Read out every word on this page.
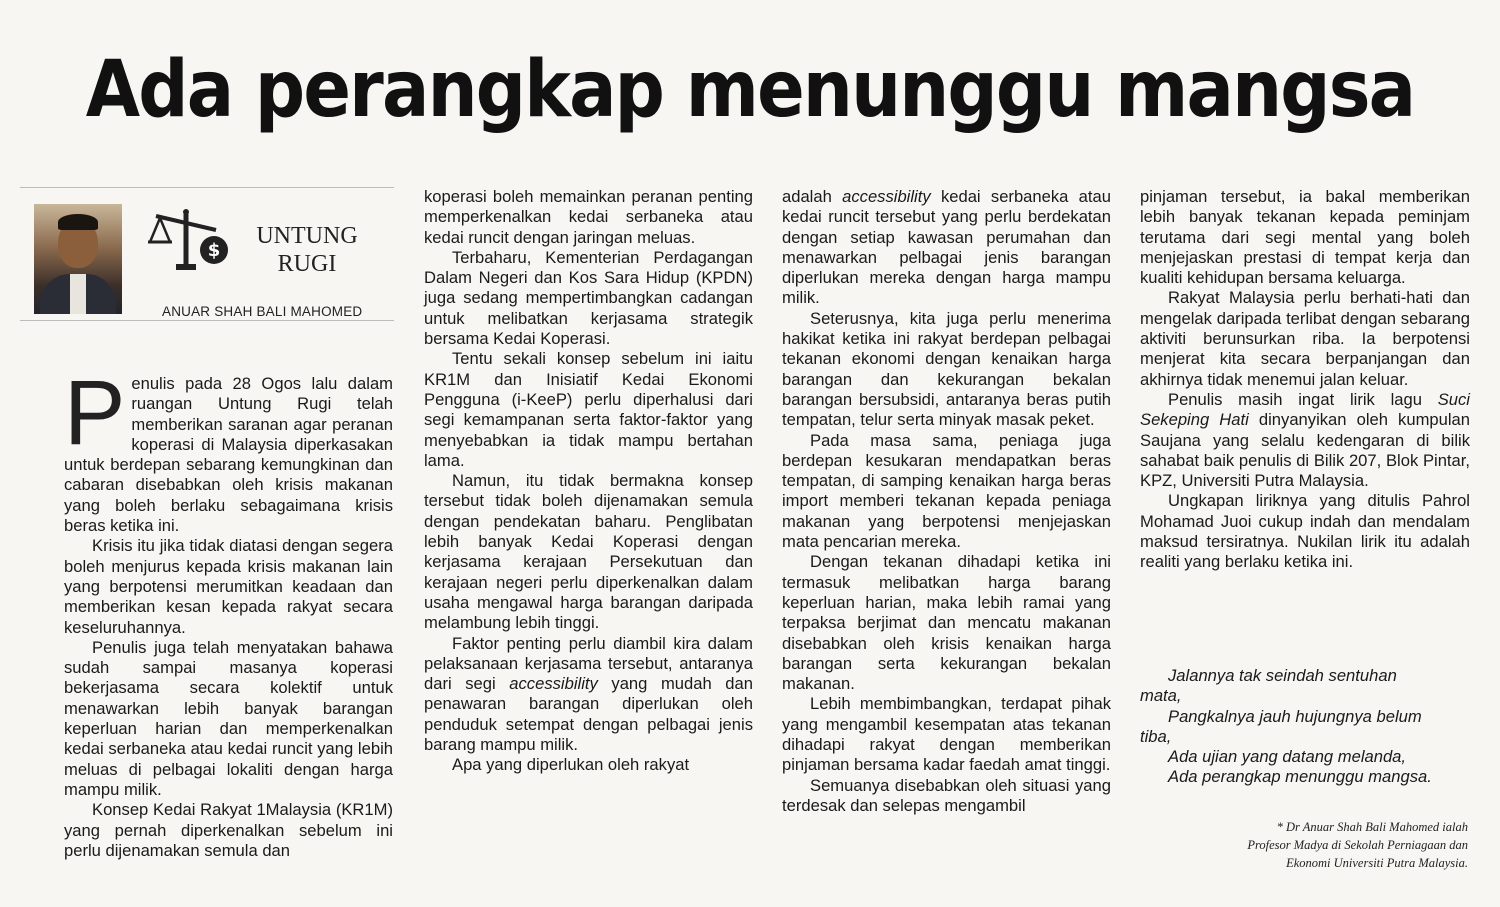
Ada perangkap menunggu mangsa
$
UNTUNG
RUGI
ANUAR SHAH BALI MAHOMED

Penulis pada 28 Ogos lalu dalam ruangan Untung Rugi telah memberikan saranan agar peranan koperasi di Malaysia diperkasakan untuk berdepan sebarang kemungkinan dan cabaran disebabkan oleh krisis makanan yang boleh berlaku sebagaimana krisis beras ketika ini.

Krisis itu jika tidak diatasi dengan segera boleh menjurus kepada krisis makanan lain yang berpotensi merumitkan keadaan dan memberikan kesan kepada rakyat secara keseluruhannya.

Penulis juga telah menyatakan bahawa sudah sampai masanya koperasi bekerjasama secara kolektif untuk menawarkan lebih banyak barangan keperluan harian dan memperkenalkan kedai serbaneka atau kedai runcit yang lebih meluas di pelbagai lokaliti dengan harga mampu milik.

Konsep Kedai Rakyat 1Malaysia (KR1M) yang pernah diperkenalkan sebelum ini perlu dijenamakan semula dan

koperasi boleh memainkan peranan penting memperkenalkan kedai serbaneka atau kedai runcit dengan jaringan meluas.

Terbaharu, Kementerian Perdagangan Dalam Negeri dan Kos Sara Hidup (KPDN) juga sedang mempertimbangkan cadangan untuk melibatkan kerjasama strategik bersama Kedai Koperasi.

Tentu sekali konsep sebelum ini iaitu KR1M dan Inisiatif Kedai Ekonomi Pengguna (i-KeeP) perlu diperhalusi dari segi kemampanan serta faktor-faktor yang menyebabkan ia tidak mampu bertahan lama.

Namun, itu tidak bermakna konsep tersebut tidak boleh dijenamakan semula dengan pendekatan baharu. Penglibatan lebih banyak Kedai Koperasi dengan kerjasama kerajaan Persekutuan dan kerajaan negeri perlu diperkenalkan dalam usaha mengawal harga barangan daripada melambung lebih tinggi.

Faktor penting perlu diambil kira dalam pelaksanaan kerjasama tersebut, antaranya dari segi accessibility yang mudah dan penawaran barangan diperlukan oleh penduduk setempat dengan pelbagai jenis barang mampu milik.

Apa yang diperlukan oleh rakyat

adalah accessibility kedai serbaneka atau kedai runcit tersebut yang perlu berdekatan dengan setiap kawasan perumahan dan menawarkan pelbagai jenis barangan diperlukan mereka dengan harga mampu milik.

Seterusnya, kita juga perlu menerima hakikat ketika ini rakyat berdepan pelbagai tekanan ekonomi dengan kenaikan harga barangan dan kekurangan bekalan barangan bersubsidi, antaranya beras putih tempatan, telur serta minyak masak peket.

Pada masa sama, peniaga juga berdepan kesukaran mendapatkan beras tempatan, di samping kenaikan harga beras import memberi tekanan kepada peniaga makanan yang berpotensi menjejaskan mata pencarian mereka.

Dengan tekanan dihadapi ketika ini termasuk melibatkan harga barang keperluan harian, maka lebih ramai yang terpaksa berjimat dan mencatu makanan disebabkan oleh krisis kenaikan harga barangan serta kekurangan bekalan makanan.

Lebih membimbangkan, terdapat pihak yang mengambil kesempatan atas tekanan dihadapi rakyat dengan memberikan pinjaman bersama kadar faedah amat tinggi.

Semuanya disebabkan oleh situasi yang terdesak dan selepas mengambil

pinjaman tersebut, ia bakal memberikan lebih banyak tekanan kepada peminjam terutama dari segi mental yang boleh menjejaskan prestasi di tempat kerja dan kualiti kehidupan bersama keluarga.

Rakyat Malaysia perlu berhati-hati dan mengelak daripada terlibat dengan sebarang aktiviti berunsurkan riba. Ia berpotensi menjerat kita secara berpanjangan dan akhirnya tidak menemui jalan keluar.

Penulis masih ingat lirik lagu Suci Sekeping Hati dinyanyikan oleh kumpulan Saujana yang selalu kedengaran di bilik sahabat baik penulis di Bilik 207, Blok Pintar, KPZ, Universiti Putra Malaysia.

Ungkapan liriknya yang ditulis Pahrol Mohamad Juoi cukup indah dan mendalam maksud tersiratnya. Nukilan lirik itu adalah realiti yang berlaku ketika ini.

Jalannya tak seindah sentuhan
mata,
Pangkalnya jauh hujungnya belum
tiba,
Ada ujian yang datang melanda,
Ada perangkap menunggu mangsa.
* Dr Anuar Shah Bali Mahomed ialah
Profesor Madya di Sekolah Perniagaan dan
Ekonomi Universiti Putra Malaysia.
